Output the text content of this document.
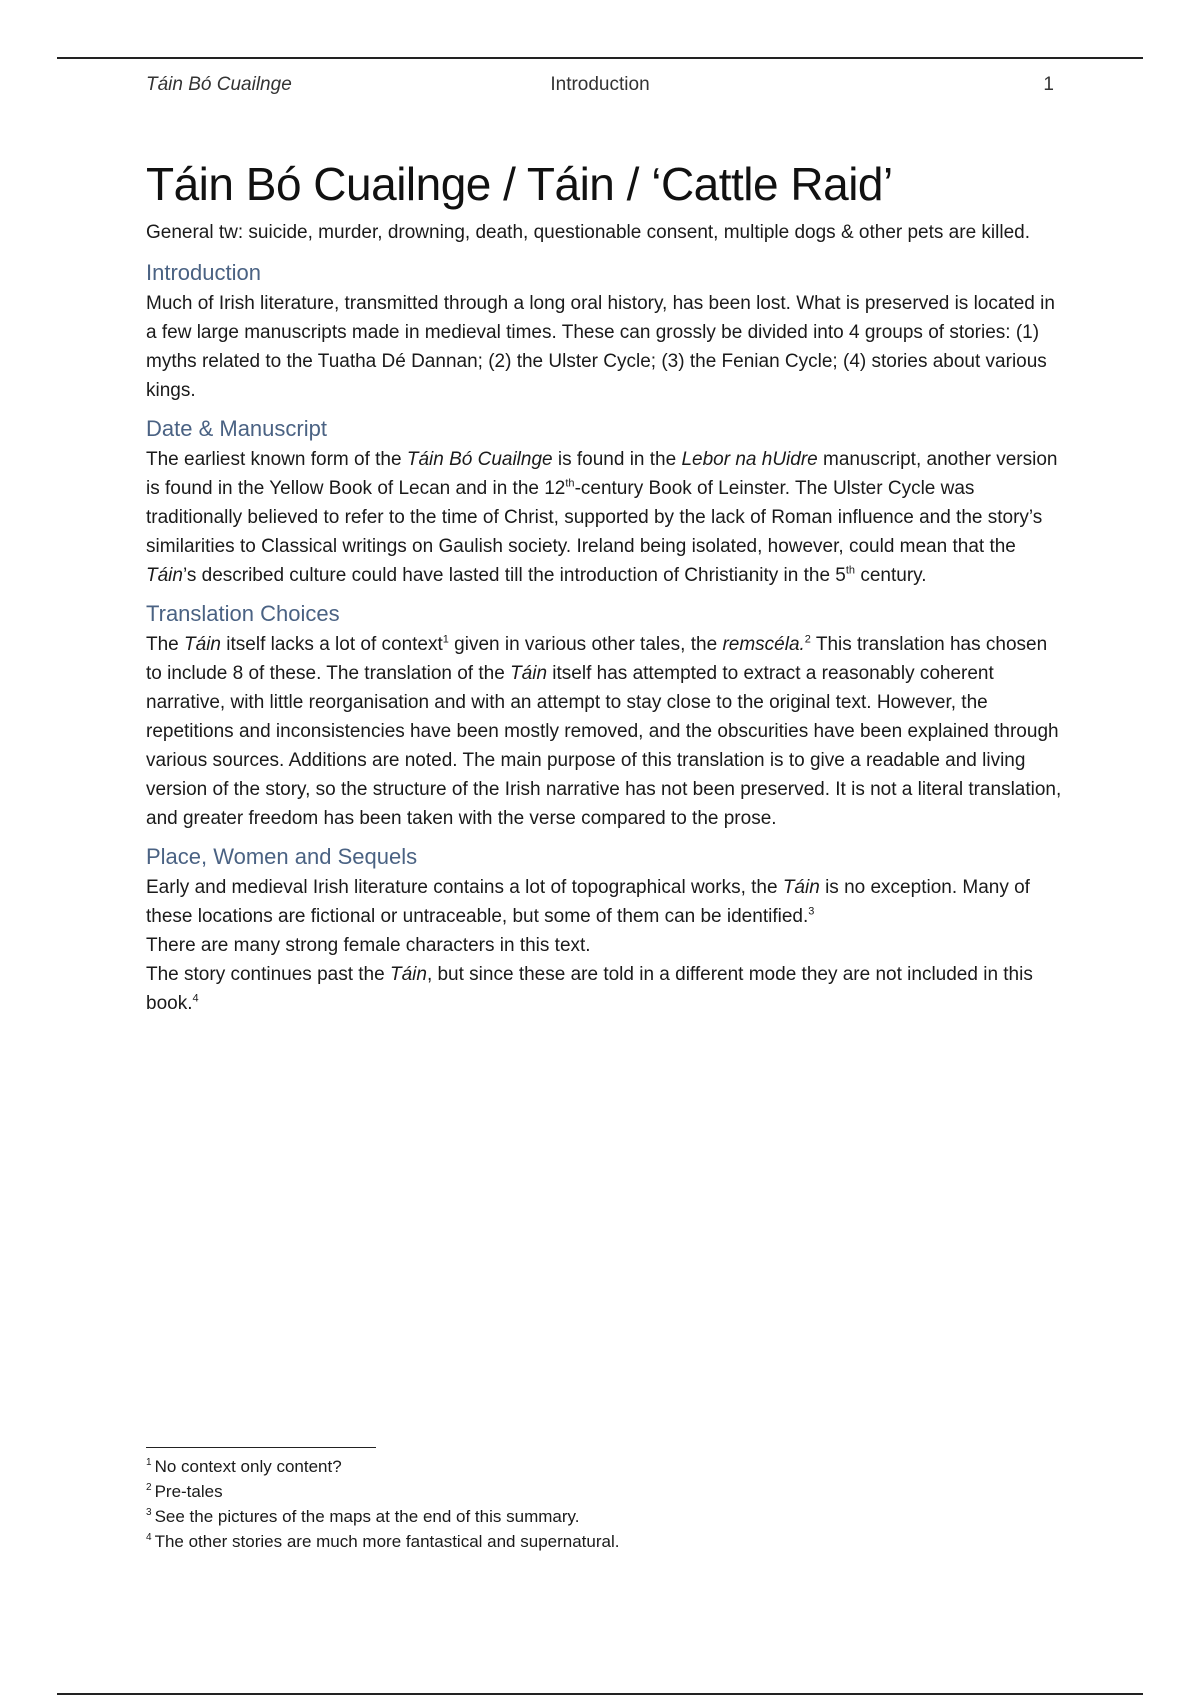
Táin Bó Cuailnge	Introduction	1
Táin Bó Cuailnge / Táin / ‘Cattle Raid’

General tw: suicide, murder, drowning, death, questionable consent, multiple dogs & other pets are killed.

Introduction

Much of Irish literature, transmitted through a long oral history, has been lost. What is preserved is located in a few large manuscripts made in medieval times. These can grossly be divided into 4 groups of stories: (1) myths related to the Tuatha Dé Dannan; (2) the Ulster Cycle; (3) the Fenian Cycle; (4) stories about various kings.

Date & Manuscript

The earliest known form of the Táin Bó Cuailnge is found in the Lebor na hUidre manuscript, another version is found in the Yellow Book of Lecan and in the 12th-century Book of Leinster. The Ulster Cycle was traditionally believed to refer to the time of Christ, supported by the lack of Roman influence and the story’s similarities to Classical writings on Gaulish society. Ireland being isolated, however, could mean that the Táin’s described culture could have lasted till the introduction of Christianity in the 5th century.

Translation Choices

The Táin itself lacks a lot of context$^1$ given in various other tales, the remscéla.$^2$ This translation has chosen to include 8 of these. The translation of the Táin itself has attempted to extract a reasonably coherent narrative, with little reorganisation and with an attempt to stay close to the original text. However, the repetitions and inconsistencies have been mostly removed, and the obscurities have been explained through various sources. Additions are noted. The main purpose of this translation is to give a readable and living version of the story, so the structure of the Irish narrative has not been preserved. It is not a literal translation, and greater freedom has been taken with the verse compared to the prose.

Place, Women and Sequels

Early and medieval Irish literature contains a lot of topographical works, the Táin is no exception. Many of these locations are fictional or untraceable, but some of them can be identified.$^3$

There are many strong female characters in this text.

The story continues past the Táin, but since these are told in a different mode they are not included in this book.$^4$

$^1$ No context only content?

$^2$ Pre-tales

$^3$ See the pictures of the maps at the end of this summary.

$^4$ The other stories are much more fantastical and supernatural.
